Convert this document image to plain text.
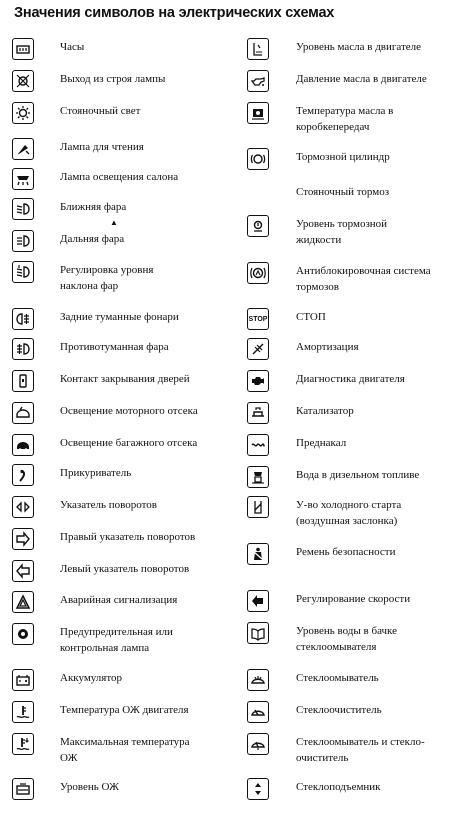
Значения символов на электрических схемах
Часы
Выход из строя лампы
Стояночный свет
Лампа для чтения
Лампа освещения салона
Ближняя фара
Дальняя фара
Регулировка уровня
наклона фар
Задние туманные фонари
Противотуманная фара
Контакт закрывания дверей
Освещение моторного отсека
Освещение багажного отсека
Прикуриватель
Указатель поворотов
Правый указатель поворотов
Левый указатель поворотов
Аварийная сигнализация
Предупредительная или
контрольная лампа
Аккумулятор
Температура ОЖ двигателя
Максимальная температура
ОЖ
Уровень ОЖ
Уровень масла в двигателе
Давление масла в двигателе
Температура масла в
коробкепередач
Тормозной цилиндр
Стояночный тормоз
Уровень тормозной
жидкости
Антиблокировочная система
тормозов
STOP	СТОП
Амортизация
Диагностика двигателя
Катализатор
Преднакал
Вода в дизельном топливе
У-во холодного старта
(воздушная заслонка)
Ремень безопасности
Регулирование скорости
Уровень воды в бачке
стеклоомывателя
Стеклоомыватель
Стеклоочиститель
Стеклоомыватель и стекло-
очиститель
Стеклоподъемник
▲
